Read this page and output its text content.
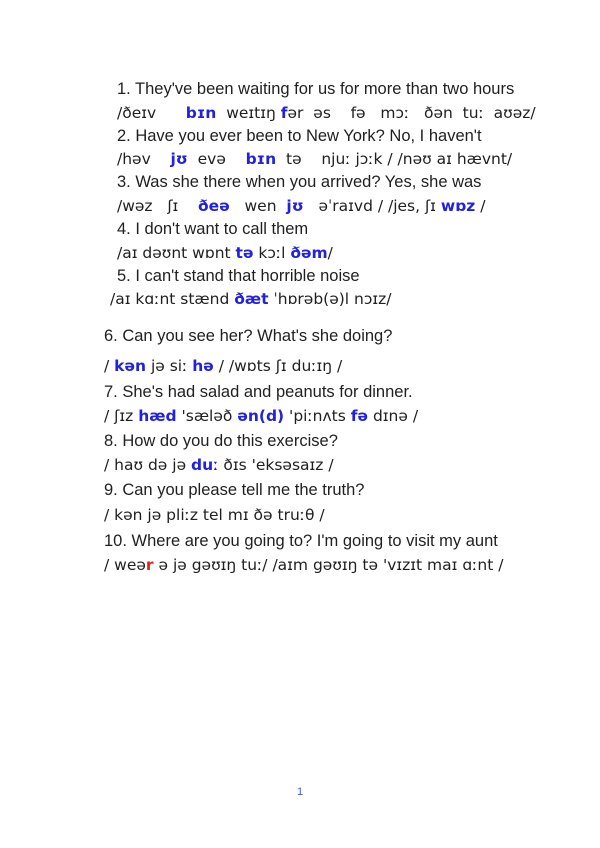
1. They've been waiting for us for more than two hours
/ðeɪv      bɪn  weɪtɪŋ fər  əs    fə   mɔː   ðən  tuː  aʊəz/
2. Have you ever been to New York? No, I haven't
/həv    jʊ  evə    bɪn  tə    njuː jɔːk / /nəʊ aɪ hævnt/
3. Was she there when you arrived? Yes, she was
/wəz   ʃɪ    ðeə   wen  jʊ   əˈraɪvd / /jes, ʃɪ wɒz /
4. I don't want to call them
/aɪ dəʊnt wɒnt tə kɔːl ðəm/
5. I can't stand that horrible noise
/aɪ kɑːnt stænd ðæt ˈhɒrəb(ə)l nɔɪz/
6. Can you see her? What's she doing?
/ kən jə siː hə / /wɒts ʃɪ duːɪŋ /
7. She's had salad and peanuts for dinner.
/ ʃɪz hæd 'sæləð ən(d) 'piːnʌts fə dɪnə /
8. How do you do this exercise?
/ haʊ də jə duː ðɪs 'eksəsaɪz /
9. Can you please tell me the truth?
/ kən jə pliːz tel mɪ ðə truːθ /
10. Where are you going to? I'm going to visit my aunt
/ weər ə jə gəʊɪŋ tuː/ /aɪm gəʊɪŋ tə 'vɪzɪt maɪ ɑːnt /
1
